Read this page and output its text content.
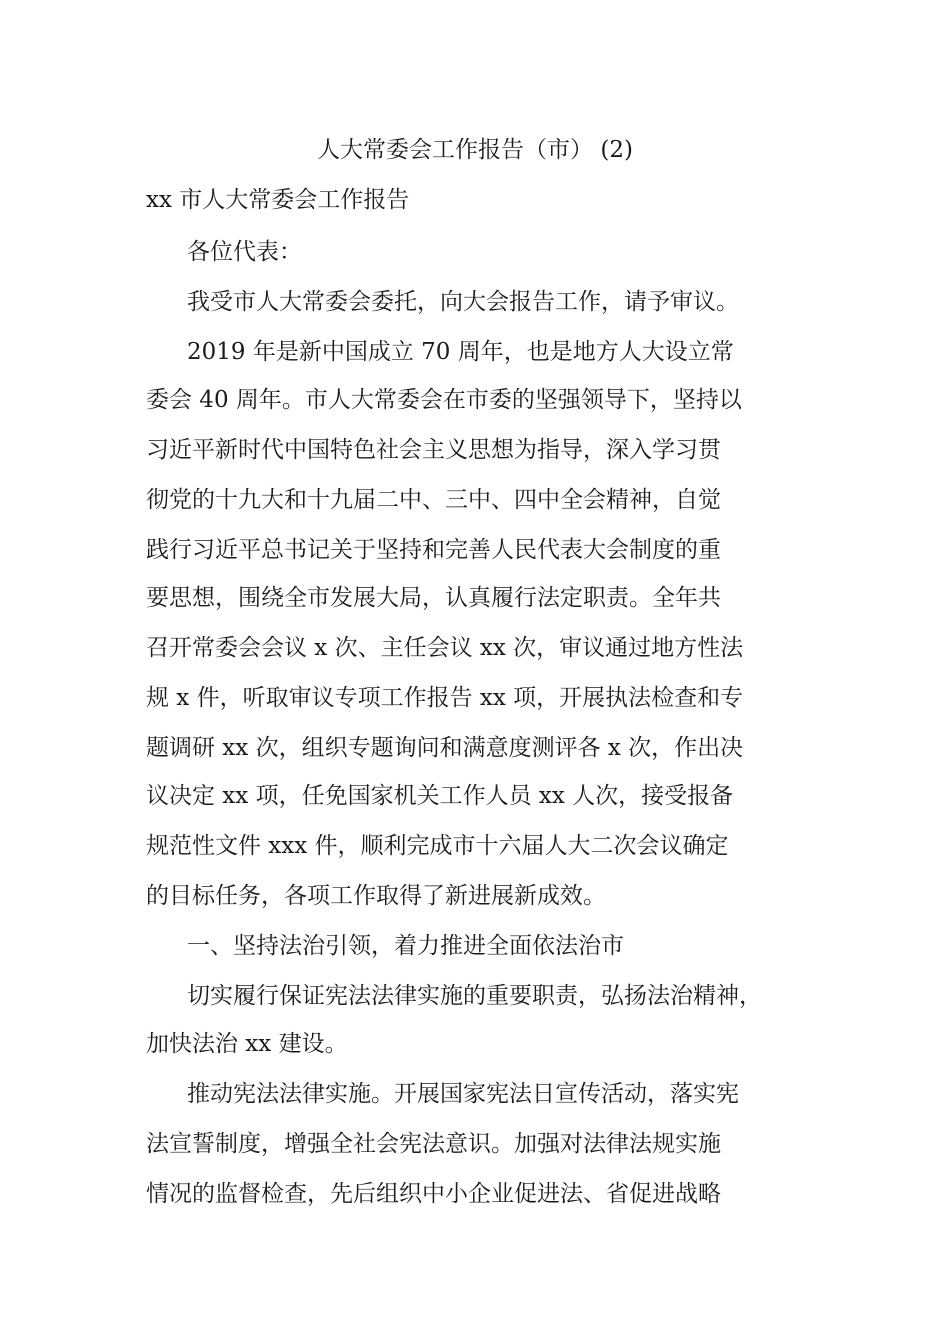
人大常委会工作报告（市） (2)
xx 市人大常委会工作报告
各位代表：
我受市人大常委会委托，向大会报告工作，请予审议。
2019 年是新中国成立 70 周年，也是地方人大设立常
委会 40 周年。市人大常委会在市委的坚强领导下，坚持以
习近平新时代中国特色社会主义思想为指导，深入学习贯
彻党的十九大和十九届二中、三中、四中全会精神，自觉
践行习近平总书记关于坚持和完善人民代表大会制度的重
要思想，围绕全市发展大局，认真履行法定职责。全年共
召开常委会会议 x 次、主任会议 xx 次，审议通过地方性法
规 x 件，听取审议专项工作报告 xx 项，开展执法检查和专
题调研 xx 次，组织专题询问和满意度测评各 x 次，作出决
议决定 xx 项，任免国家机关工作人员 xx 人次，接受报备
规范性文件 xxx 件，顺利完成市十六届人大二次会议确定
的目标任务，各项工作取得了新进展新成效。
一、坚持法治引领，着力推进全面依法治市
切实履行保证宪法法律实施的重要职责，弘扬法治精神，
加快法治 xx 建设。
推动宪法法律实施。开展国家宪法日宣传活动，落实宪
法宣誓制度，增强全社会宪法意识。加强对法律法规实施
情况的监督检查，先后组织中小企业促进法、省促进战略
